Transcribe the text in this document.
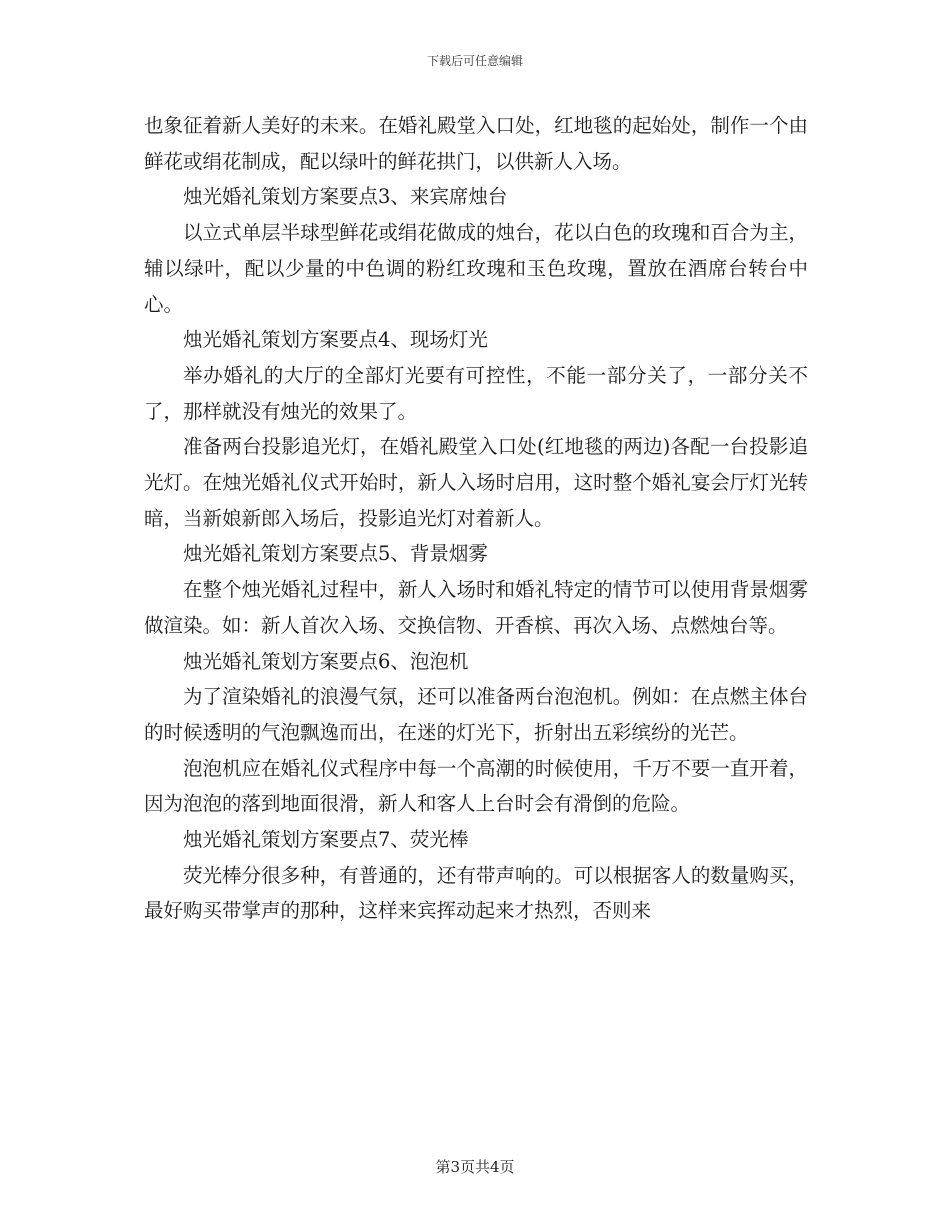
下载后可任意编辑

也象征着新人美好的未来。在婚礼殿堂入口处，红地毯的起始处，制作一个由鲜花或绢花制成，配以绿叶的鲜花拱门，以供新人入场。

烛光婚礼策划方案要点3、来宾席烛台

以立式单层半球型鲜花或绢花做成的烛台，花以白色的玫瑰和百合为主，辅以绿叶，配以少量的中色调的粉红玫瑰和玉色玫瑰，置放在酒席台转台中心。

烛光婚礼策划方案要点4、现场灯光

举办婚礼的大厅的全部灯光要有可控性，不能一部分关了，一部分关不了，那样就没有烛光的效果了。

准备两台投影追光灯，在婚礼殿堂入口处(红地毯的两边)各配一台投影追光灯。在烛光婚礼仪式开始时，新人入场时启用，这时整个婚礼宴会厅灯光转暗，当新娘新郎入场后，投影追光灯对着新人。

烛光婚礼策划方案要点5、背景烟雾

在整个烛光婚礼过程中，新人入场时和婚礼特定的情节可以使用背景烟雾做渲染。如：新人首次入场、交换信物、开香槟、再次入场、点燃烛台等。

烛光婚礼策划方案要点6、泡泡机

为了渲染婚礼的浪漫气氛，还可以准备两台泡泡机。例如：在点燃主体台的时候透明的气泡飘逸而出，在迷的灯光下，折射出五彩缤纷的光芒。

泡泡机应在婚礼仪式程序中每一个高潮的时候使用，千万不要一直开着，因为泡泡的落到地面很滑，新人和客人上台时会有滑倒的危险。

烛光婚礼策划方案要点7、荧光棒

荧光棒分很多种，有普通的，还有带声响的。可以根据客人的数量购买，最好购买带掌声的那种，这样来宾挥动起来才热烈，否则来

第3页共4页
